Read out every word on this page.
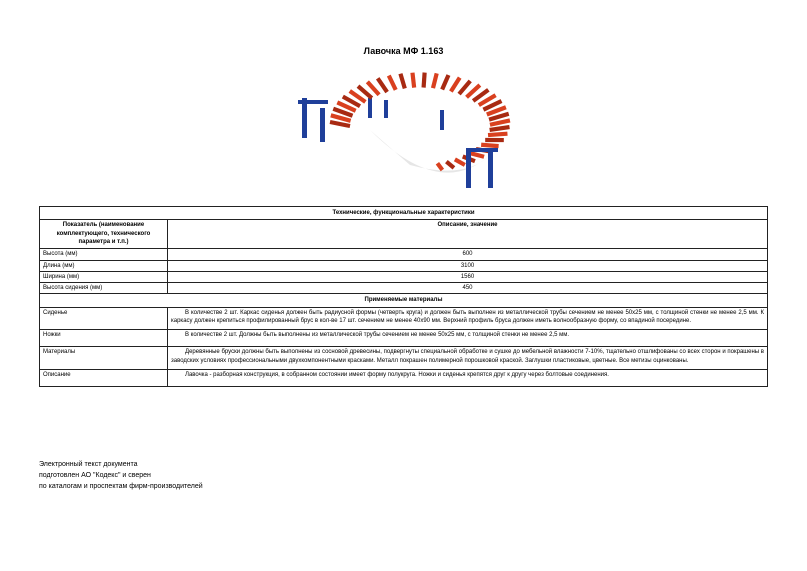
Лавочка МФ 1.163
Технические, функциональные характеристики	
Показатель (наименование комплектующего, технического параметра и т.п.)	Описание, значение
Высота (мм)	600
Длина (мм)	3100
Ширина (мм)	1560
Высота сидения (мм)	450
Применяемые материалы	
Сиденье	В количестве 2 шт. Каркас сиденья должен быть радиусной формы (четверть круга) и должен быть выполнен из металлической трубы сечением не менее 50х25 мм, с толщиной стенки не менее 2,5 мм. К каркасу должен крепиться профилированный брус в кол-ве 17 шт. сечением не менее 40х90 мм. Верхний профиль бруса должен иметь волнообразную форму, со впадиной посередине.
Ножки	В количестве 2 шт. Должны быть выполнены из металлической трубы сечением не менее 50х25 мм, с толщиной стенки не менее 2,5 мм.
Материалы	Деревянные бруски должны быть выполнены из сосновой древесины, подвергнуты специальной обработке и сушке до мебельной влажности 7-10%, тщательно отшлифованы со всех сторон и покрашены в заводских условиях профессиональными двухкомпонентными красками. Металл покрашен полимерной порошковой краской. Заглушки пластиковые, цветные. Все метизы оцинкованы.
Описание	Лавочка - разборная конструкция, в собранном состоянии имеет форму полукруга. Ножки и сиденья крепятся друг к другу через болтовые соединения.
Электронный текст документа
подготовлен АО "Кодекс" и сверен
по каталогам и проспектам фирм-производителей
